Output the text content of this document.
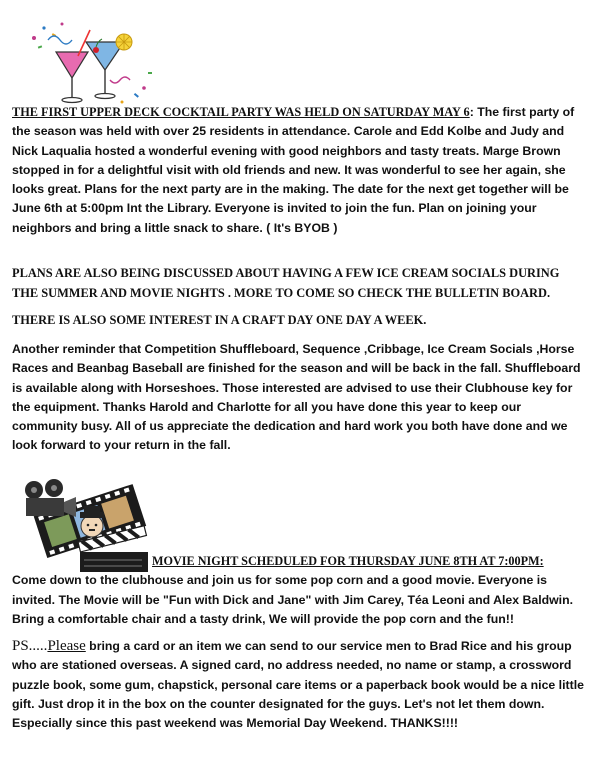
THE FIRST UPPER DECK COCKTAIL PARTY WAS HELD ON SATURDAY MAY 6: The first party of the season was held with over 25 residents in attendance. Carole and Edd Kolbe and Judy and Nick Laqualia hosted a wonderful evening with good neighbors and tasty treats. Marge Brown stopped in for a delightful visit with old friends and new. It was wonderful to see her again, she looks great. Plans for the next party are in the making. The date for the next get together will be June 6th at 5:00pm Int the Library. Everyone is invited to join the fun. Plan on joining your neighbors and bring a little snack to share. ( It's BYOB )

PLANS ARE ALSO BEING DISCUSSED ABOUT HAVING A FEW ICE CREAM SOCIALS DURING THE SUMMER AND MOVIE NIGHTS . MORE TO COME SO CHECK THE BULLETIN BOARD.

THERE IS ALSO SOME INTEREST IN A CRAFT DAY ONE DAY A WEEK.

Another reminder that Competition Shuffleboard, Sequence ,Cribbage, Ice Cream Socials ,Horse Races and Beanbag Baseball are finished for the season and will be back in the fall. Shuffleboard is available along with Horseshoes. Those interested are advised to use their Clubhouse key for the equipment. Thanks Harold and Charlotte for all you have done this year to keep our community busy. All of us appreciate the dedication and hard work you both have done and we look forward to your return in the fall.

MOVIE NIGHT SCHEDULED FOR THURSDAY JUNE 8TH AT 7:00PM:
Come down to the clubhouse and join us for some pop corn and a good movie. Everyone is invited. The Movie will be "Fun with Dick and Jane" with Jim Carey, Téa Leoni and Alex Baldwin. Bring a comfortable chair and a tasty drink, We will provide the pop corn and the fun!!

PS.....Please bring a card or an item we can send to our service men to Brad Rice and his group who are stationed overseas. A signed card, no address needed, no name or stamp, a crossword puzzle book, some gum, chapstick, personal care items or a paperback book would be a nice little gift. Just drop it in the box on the counter designated for the guys. Let's not let them down. Especially since this past weekend was Memorial Day Weekend. THANKS!!!!
